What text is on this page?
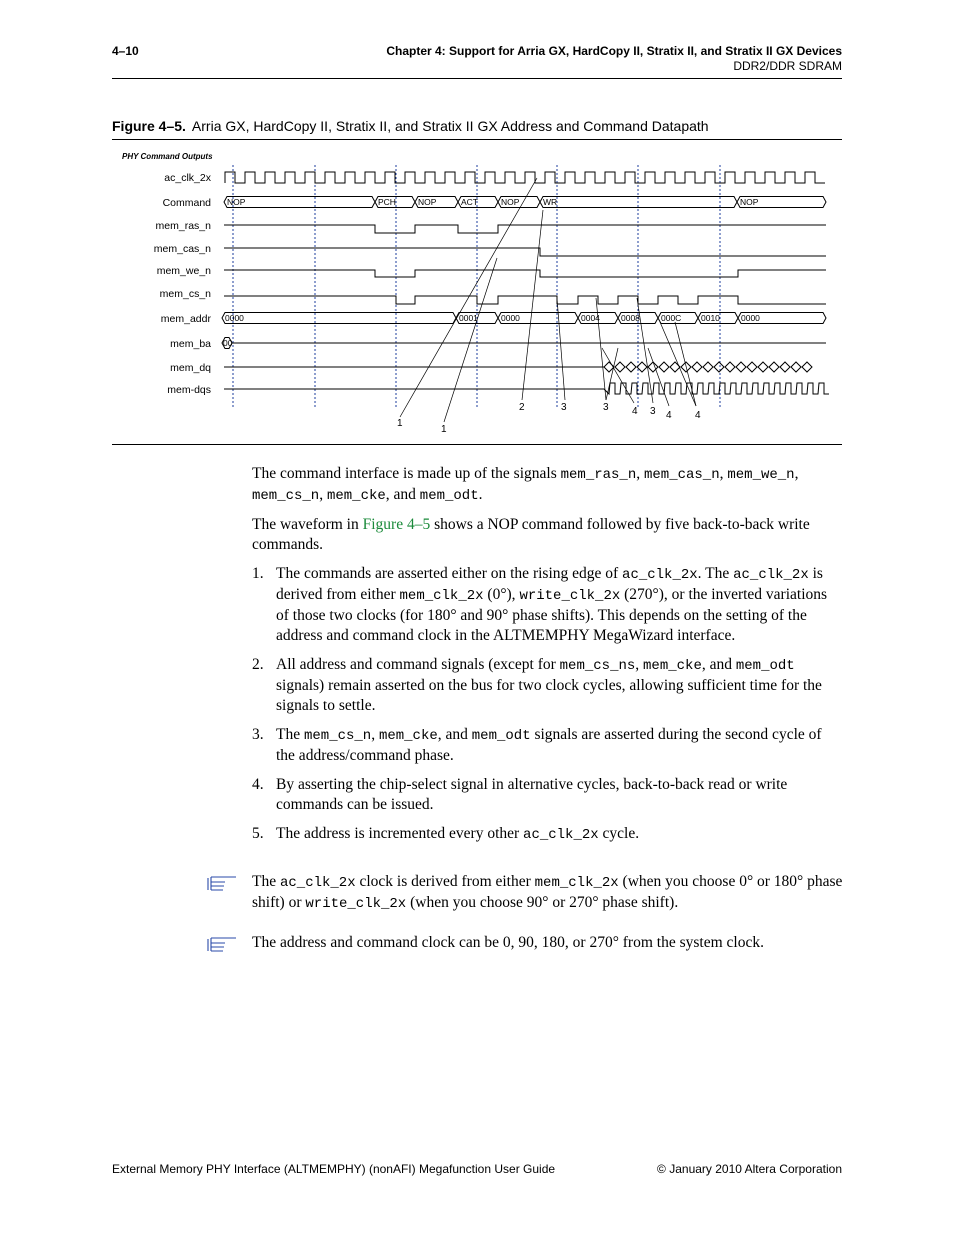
4–10	Chapter 4: Support for Arria GX, HardCopy II, Stratix II, and Stratix II GX Devices
DDR2/DDR SDRAM
Figure 4–5. Arria GX, HardCopy II, Stratix II, and Stratix II GX Address and Command Datapath
PHY Command Outputs
ac_clk_2x
Command
mem_ras_n
mem_cas_n
mem_we_n
mem_cs_n
mem_addr
mem_ba
mem_dq
mem-dqs
NOP	PCH	NOP	ACT	NOP	WR	NOP
0000	0001	0000	0004 0008 000C 0010 0000
00
1
1
2	3	3 4 3 4 4

The command interface is made up of the signals mem_ras_n, mem_cas_n, mem_we_n, mem_cs_n, mem_cke, and mem_odt.

The waveform in Figure 4–5 shows a NOP command followed by five back-to-back write commands.

1. The commands are asserted either on the rising edge of ac_clk_2x. The ac_clk_2x is derived from either mem_clk_2x (0°), write_clk_2x (270°), or the inverted variations of those two clocks (for 180° and 90° phase shifts). This depends on the setting of the address and command clock in the ALTMEMPHY MegaWizard interface.
2. All address and command signals (except for mem_cs_ns, mem_cke, and mem_odt signals) remain asserted on the bus for two clock cycles, allowing sufficient time for the signals to settle.
3. The mem_cs_n, mem_cke, and mem_odt signals are asserted during the second cycle of the address/command phase.
4. By asserting the chip-select signal in alternative cycles, back-to-back read or write commands can be issued.
5. The address is incremented every other ac_clk_2x cycle.
The ac_clk_2x clock is derived from either mem_clk_2x (when you choose 0° or 180° phase shift) or write_clk_2x (when you choose 90° or 270° phase shift).
The address and command clock can be 0, 90, 180, or 270° from the system clock.
External Memory PHY Interface (ALTMEMPHY) (nonAFI) Megafunction User Guide	© January 2010 Altera Corporation
